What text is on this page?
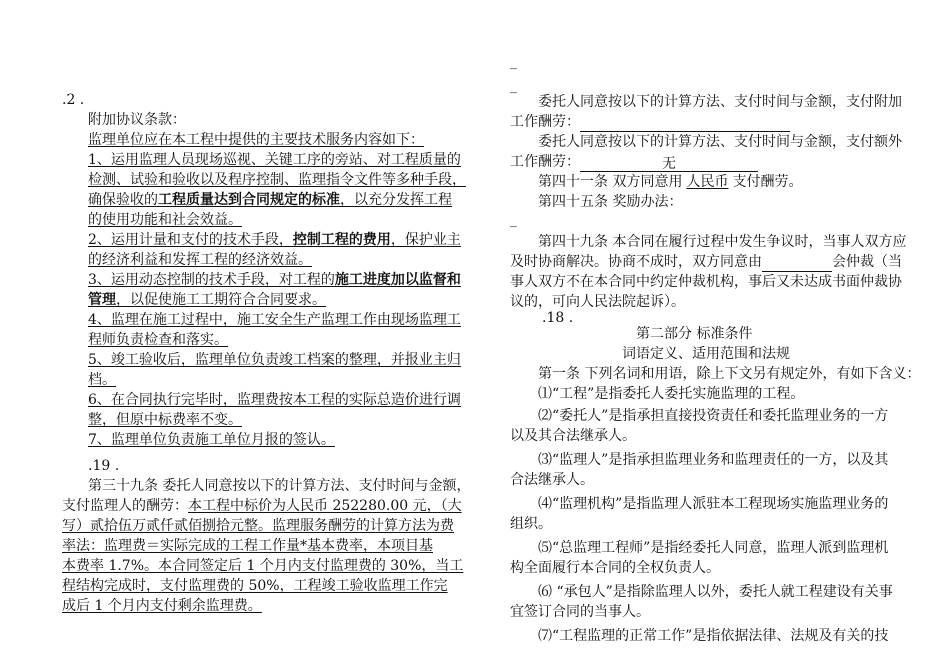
.2 .
附加协议条款：
监理单位应在本工程中提供的主要技术服务内容如下：
1、运用监理人员现场巡视、关键工序的旁站、对工程质量的
检测、试验和验收以及程序控制、监理指令文件等多种手段，
确保验收的工程质量达到合同规定的标准，以充分发挥工程
的使用功能和社会效益。
2、运用计量和支付的技术手段，控制工程的费用，保护业主
的经济利益和发挥工程的经济效益。
3、运用动态控制的技术手段，对工程的施工进度加以监督和
管理，以促使施工工期符合合同要求。
4、监理在施工过程中，施工安全生产监理工作由现场监理工
程师负责检查和落实。
5、竣工验收后，监理单位负责竣工档案的整理，并报业主归
档。
6、在合同执行完毕时，监理费按本工程的实际总造价进行调
整，但原中标费率不变。
7、监理单位负责施工单位月报的签认。
.19 .
第三十九条 委托人同意按以下的计算方法、支付时间与金额，
支付监理人的酬劳：本工程中标价为人民币 252280.00 元，（大
写）贰拾伍万贰仟贰佰捌拾元整。监理服务酬劳的计算方法为费
率法：监理费＝实际完成的工程工作量*基本费率，本项目基
本费率 1.7%。本合同签定后 1 个月内支付监理费的 30%，当工
程结构完成时，支付监理费的 50%，工程竣工验收监理工作完
成后 1 个月内支付剩余监理费。
_
_
委托人同意按以下的计算方法、支付时间与金额，支付附加
工作酬劳：
委托人同意按以下的计算方法、支付时间与金额，支付额外
工作酬劳：	无
第四十一条 双方同意用 人民币 支付酬劳。
第四十五条 奖励办法：
_
第四十九条 本合同在履行过程中发生争议时，当事人双方应
及时协商解决。协商不成时，双方同意由	会仲裁（当
事人双方不在本合同中约定仲裁机构，事后又未达成书面仲裁协
议的，可向人民法院起诉）。
.18 .
第二部分 标准条件
词语定义、适用范围和法规
第一条 下列名词和用语，除上下文另有规定外，有如下含义：
⑴“工程”是指委托人委托实施监理的工程。
⑵“委托人”是指承担直接投资责任和委托监理业务的一方
以及其合法继承人。
⑶“监理人”是指承担监理业务和监理责任的一方，以及其
合法继承人。
⑷“监理机构”是指监理人派驻本工程现场实施监理业务的
组织。
⑸“总监理工程师”是指经委托人同意，监理人派到监理机
构全面履行本合同的全权负责人。
⑹ “承包人”是指除监理人以外，委托人就工程建设有关事
宜签订合同的当事人。
⑺“工程监理的正常工作”是指依据法律、法规及有关的技
